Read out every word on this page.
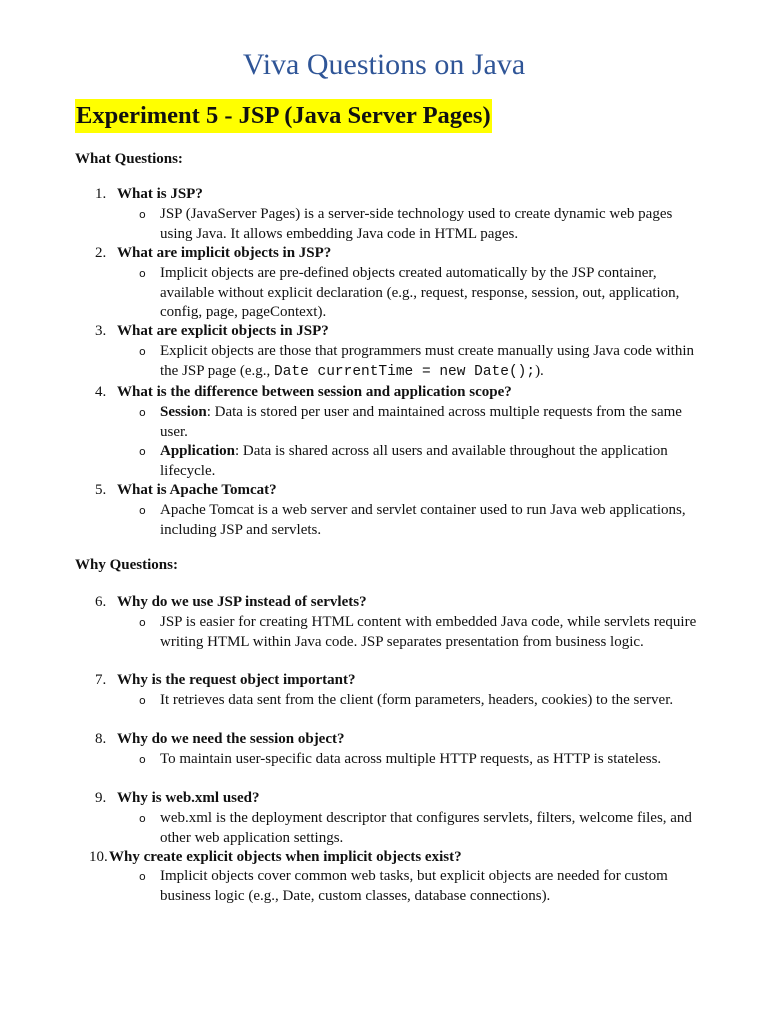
Viva Questions on Java
Experiment 5 - JSP (Java Server Pages)
What Questions:
1. What is JSP?
o JSP (JavaServer Pages) is a server-side technology used to create dynamic web pages using Java. It allows embedding Java code in HTML pages.
2. What are implicit objects in JSP?
o Implicit objects are pre-defined objects created automatically by the JSP container, available without explicit declaration (e.g., request, response, session, out, application, config, page, pageContext).
3. What are explicit objects in JSP?
o Explicit objects are those that programmers must create manually using Java code within the JSP page (e.g., Date currentTime = new Date();).
4. What is the difference between session and application scope?
o Session: Data is stored per user and maintained across multiple requests from the same user.
o Application: Data is shared across all users and available throughout the application lifecycle.
5. What is Apache Tomcat?
o Apache Tomcat is a web server and servlet container used to run Java web applications, including JSP and servlets.
Why Questions:
6. Why do we use JSP instead of servlets?
o JSP is easier for creating HTML content with embedded Java code, while servlets require writing HTML within Java code. JSP separates presentation from business logic.
7. Why is the request object important?
o It retrieves data sent from the client (form parameters, headers, cookies) to the server.
8. Why do we need the session object?
o To maintain user-specific data across multiple HTTP requests, as HTTP is stateless.
9. Why is web.xml used?
o web.xml is the deployment descriptor that configures servlets, filters, welcome files, and other web application settings.
10.Why create explicit objects when implicit objects exist?
o Implicit objects cover common web tasks, but explicit objects are needed for custom business logic (e.g., Date, custom classes, database connections).
